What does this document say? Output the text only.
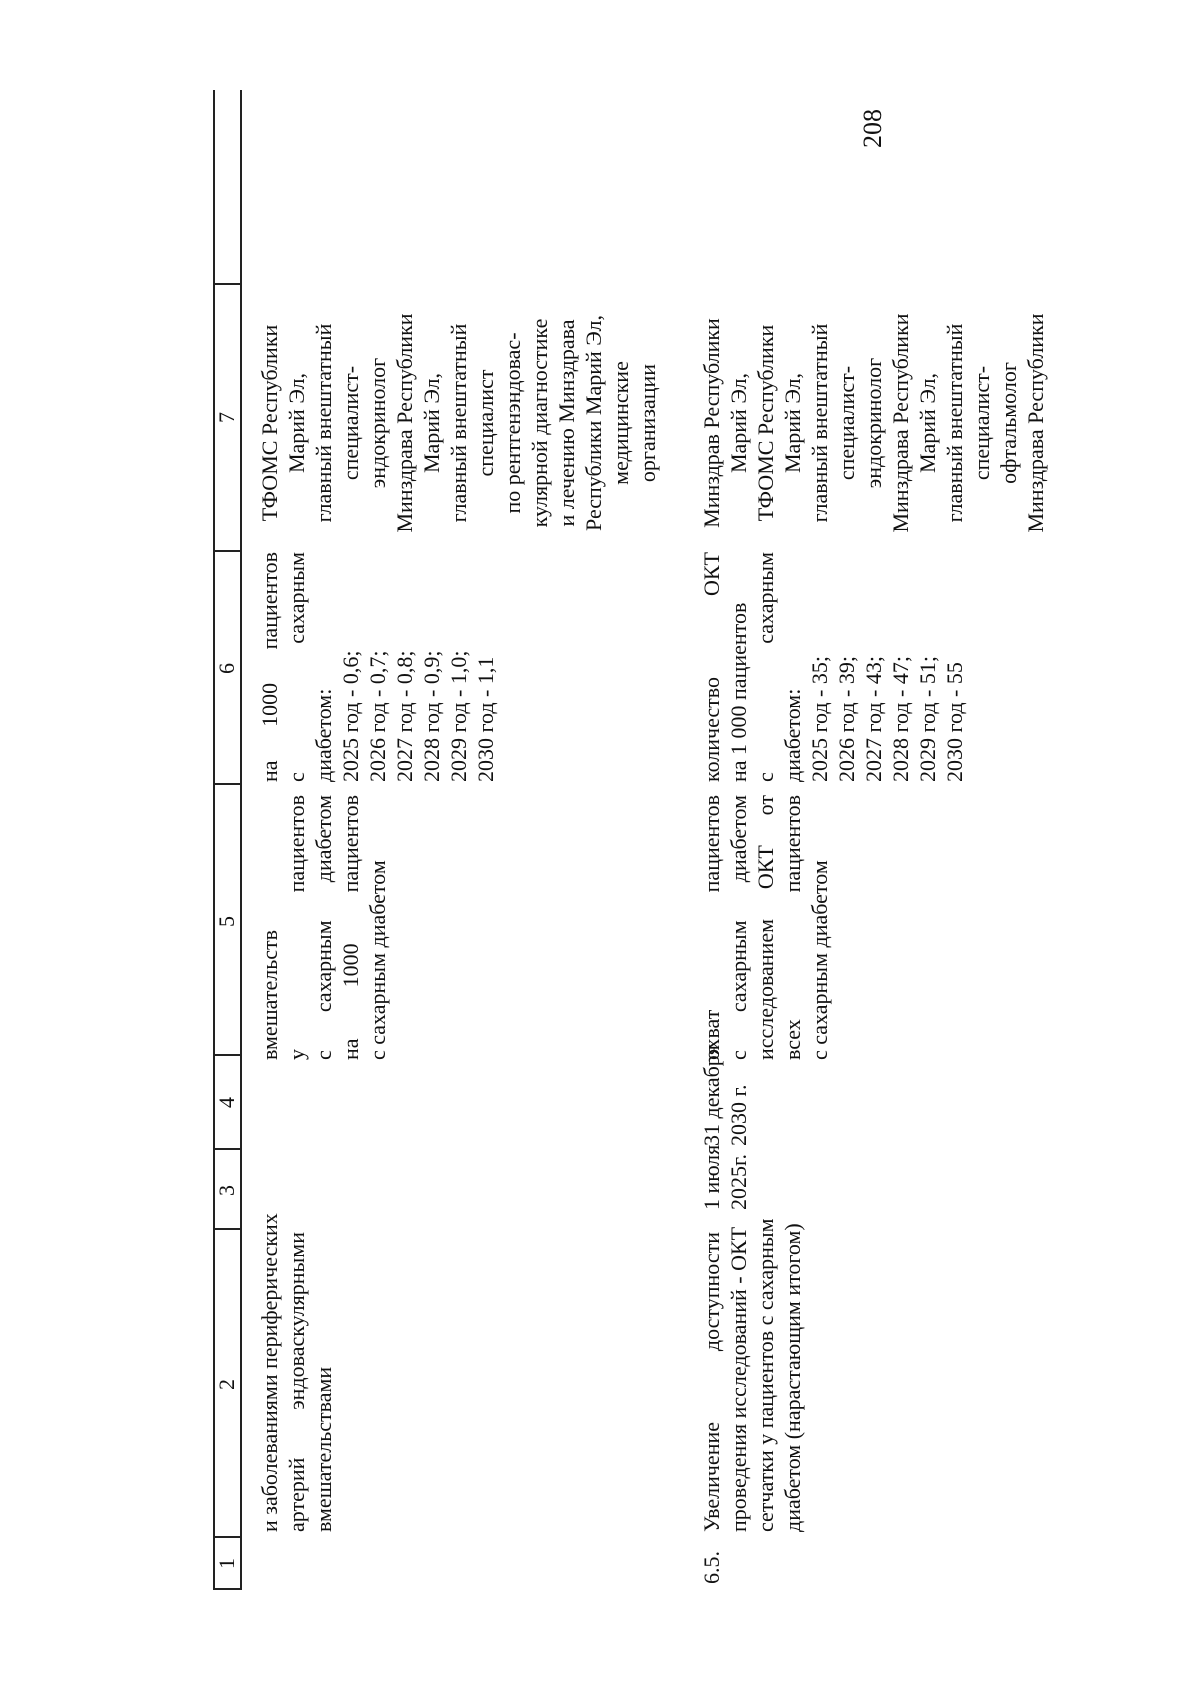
208
1
2
3
4
5
6
7
и заболеваниями периферических артерий эндоваскулярными вмешательствами
вмешательств у пациентов с сахарным диабетом на 1000 пациентов с сахарным диабетом
на 1000 пациентов с сахарным диабетом: 2025 год - 0,6; 2026 год - 0,7; 2027 год - 0,8; 2028 год - 0,9; 2029 год - 1,0; 2030 год - 1,1
ТФОМС Республики Марий Эл, главный внештатный специалист- эндокринолог Минздрава Республики Марий Эл, главный внештатный специалист по рентгенэндовас- кулярной диагностике и лечению Минздрава Республики Марий Эл, медицинские организации
6.5.
Увеличение доступности проведения исследований - ОКТ сетчатки у пациентов с сахарным диабетом (нарастающим итогом)
1 июля 2025г.
31 декабря 2030 г.
охват пациентов с сахарным диабетом исследованием ОКТ от всех пациентов с сахарным диабетом
количество ОКТ на 1 000 пациентов с сахарным диабетом: 2025 год - 35; 2026 год - 39; 2027 год - 43; 2028 год - 47; 2029 год - 51; 2030 год - 55
Минздрав Республики Марий Эл, ТФОМС Республики Марий Эл, главный внештатный специалист- эндокринолог Минздрава Республики Марий Эл, главный внештатный специалист- офтальмолог Минздрава Республики
